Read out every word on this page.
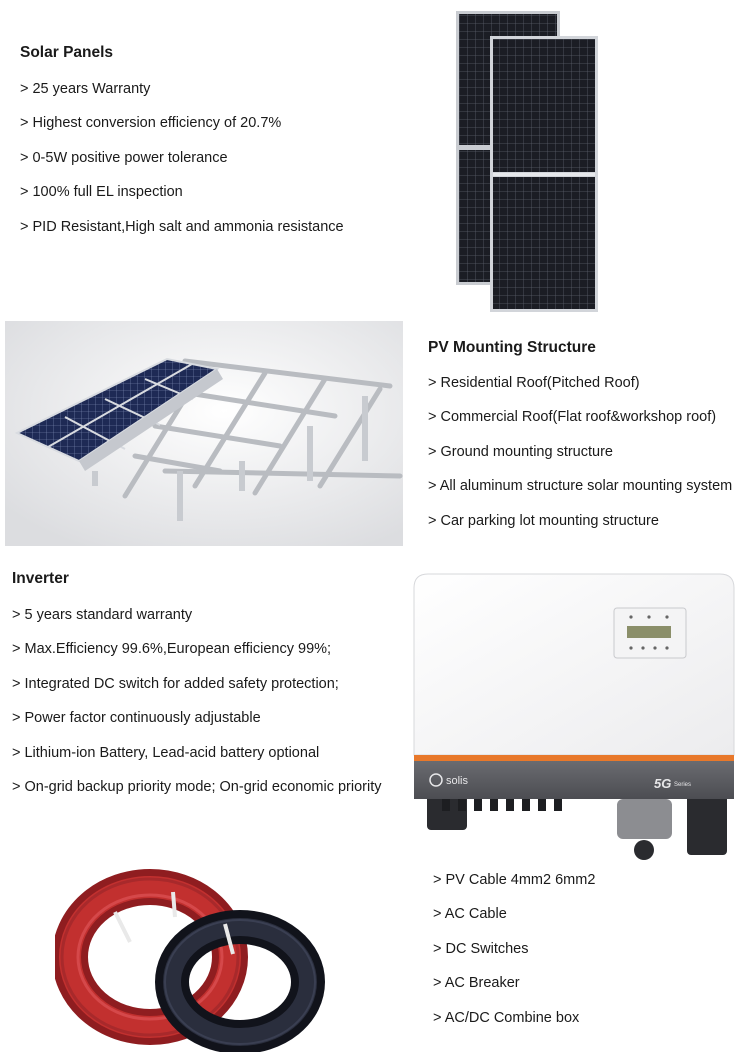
Solar Panels
> 25 years Warranty
> Highest conversion efficiency of 20.7%
> 0-5W positive power tolerance
> 100% full EL inspection
> PID Resistant,High salt and ammonia resistance
PV Mounting Structure
> Residential Roof(Pitched Roof)
> Commercial Roof(Flat roof&workshop roof)
> Ground mounting structure
> All aluminum structure solar mounting system
> Car parking lot mounting structure
Inverter
> 5 years standard warranty
> Max.Efficiency 99.6%,European efficiency 99%;
> Integrated DC switch for added safety protection;
> Power factor continuously adjustable
> Lithium-ion Battery, Lead-acid battery optional
> On-grid backup priority mode; On-grid economic priority	solis	5G Series
> PV Cable 4mm2 6mm2
> AC Cable
> DC Switches
> AC Breaker
> AC/DC Combine box
